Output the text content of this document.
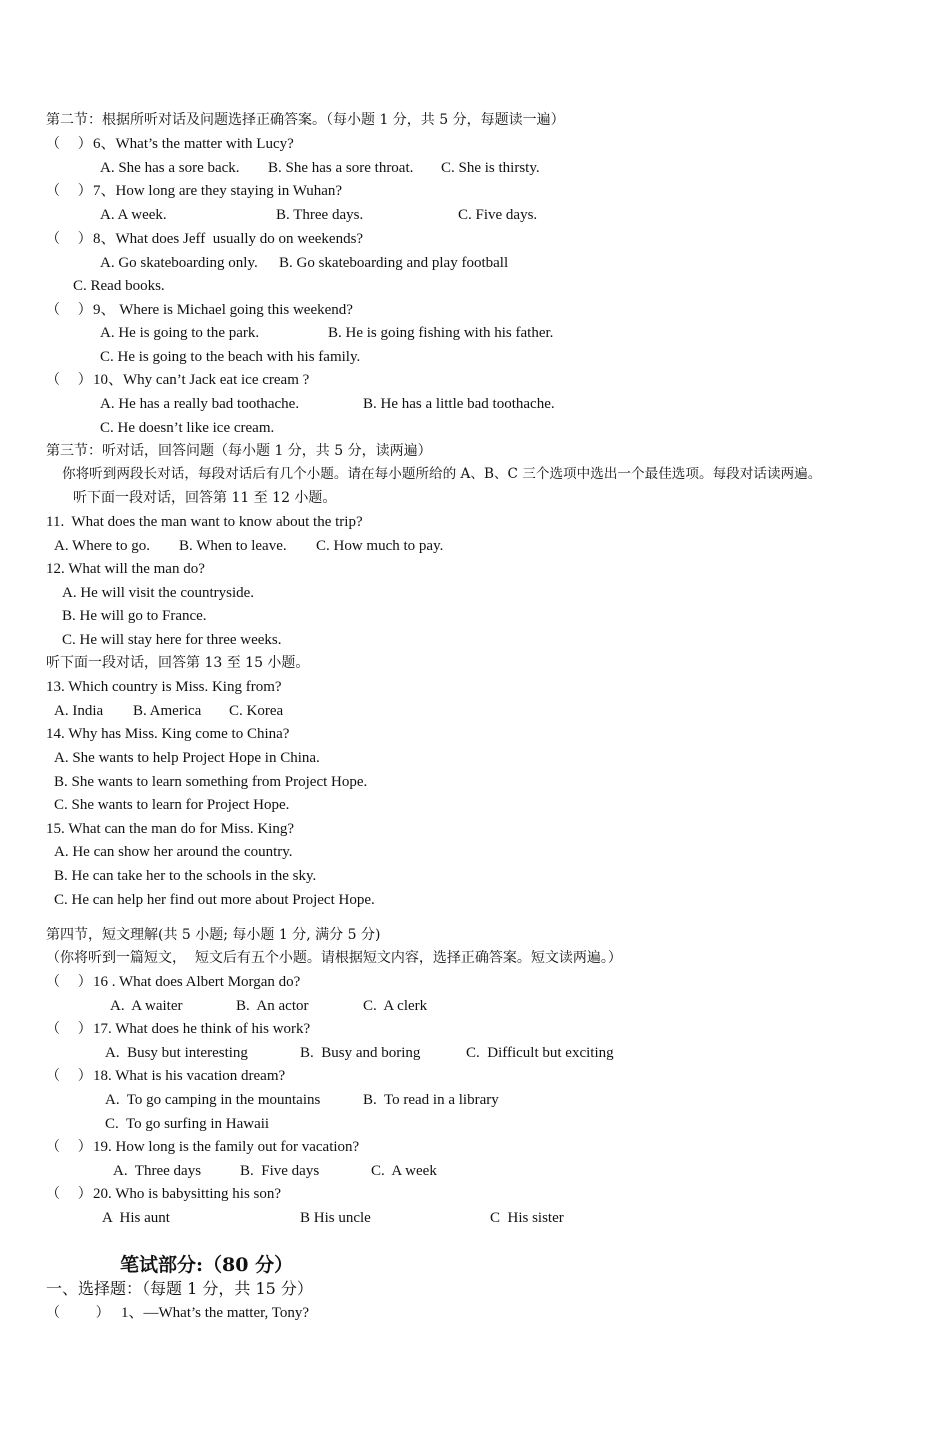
第二节：根据所听对话及问题选择正确答案。（每小题 1 分，共 5 分，每题读一遍）
（    ） 6、What’s the matter with Lucy?
A. She has a sore back. B. She has a sore throat. C. She is thirsty.
（    ） 7、How long are they staying in Wuhan?
A. A week.	B. Three days.	C. Five days.
（    ） 8、What does Jeff  usually do on weekends?
A. Go skateboarding only. B. Go skateboarding and play football
C. Read books.
（    ） 9、 Where is Michael going this weekend?
A. He is going to the park.	B. He is going fishing with his father.
C. He is going to the beach with his family.
（    ） 10、Why can’t Jack eat ice cream ?
A. He has a really bad toothache.	B. He has a little bad toothache.
C. He doesn’t like ice cream.
第三节：听对话，回答问题（每小题 1 分，共 5 分，读两遍）
你将听到两段长对话，每段对话后有几个小题。请在每小题所给的 A、B、C 三个选项中选出一个最佳选项。每段对话读两遍。
听下面一段对话，回答第 11 至 12 小题。
11.  What does the man want to know about the trip?
A. Where to go. B. When to leave. C. How much to pay.
12. What will the man do?
A. He will visit the countryside.
B. He will go to France.
C. He will stay here for three weeks.
听下面一段对话，回答第 13 至 15 小题。
13. Which country is Miss. King from?
A. India B. America C. Korea
14. Why has Miss. King come to China?
A. She wants to help Project Hope in China.
B. She wants to learn something from Project Hope.
C. She wants to learn for Project Hope.
15. What can the man do for Miss. King?
A. He can show her around the country.
B. He can take her to the schools in the sky.
C. He can help her find out more about Project Hope.
第四节，短文理解(共 5 小题; 每小题 1 分, 满分 5 分)
（你将听到一篇短文，  短文后有五个小题。请根据短文内容，选择正确答案。短文读两遍。）
（    ） 16 . What does Albert Morgan do?
A.  A waiter	B.  An actor	C.  A clerk
（    ） 17. What does he think of his work?
A.  Busy but interesting	B.  Busy and boring	C.  Difficult but exciting
（    ） 18. What is his vacation dream?
A.  To go camping in the mountains	B.  To read in a library
C.  To go surfing in Hawaii
（    ） 19. How long is the family out for vacation?
A.  Three days	B.  Five days	C.  A week
（    ） 20. Who is babysitting his son?
A  His aunt	B His uncle	C  His sister
笔试部分:（80 分）
一、选择题：（每题 1 分，共 15 分）
（        ） 1、—What’s the matter, Tony?
